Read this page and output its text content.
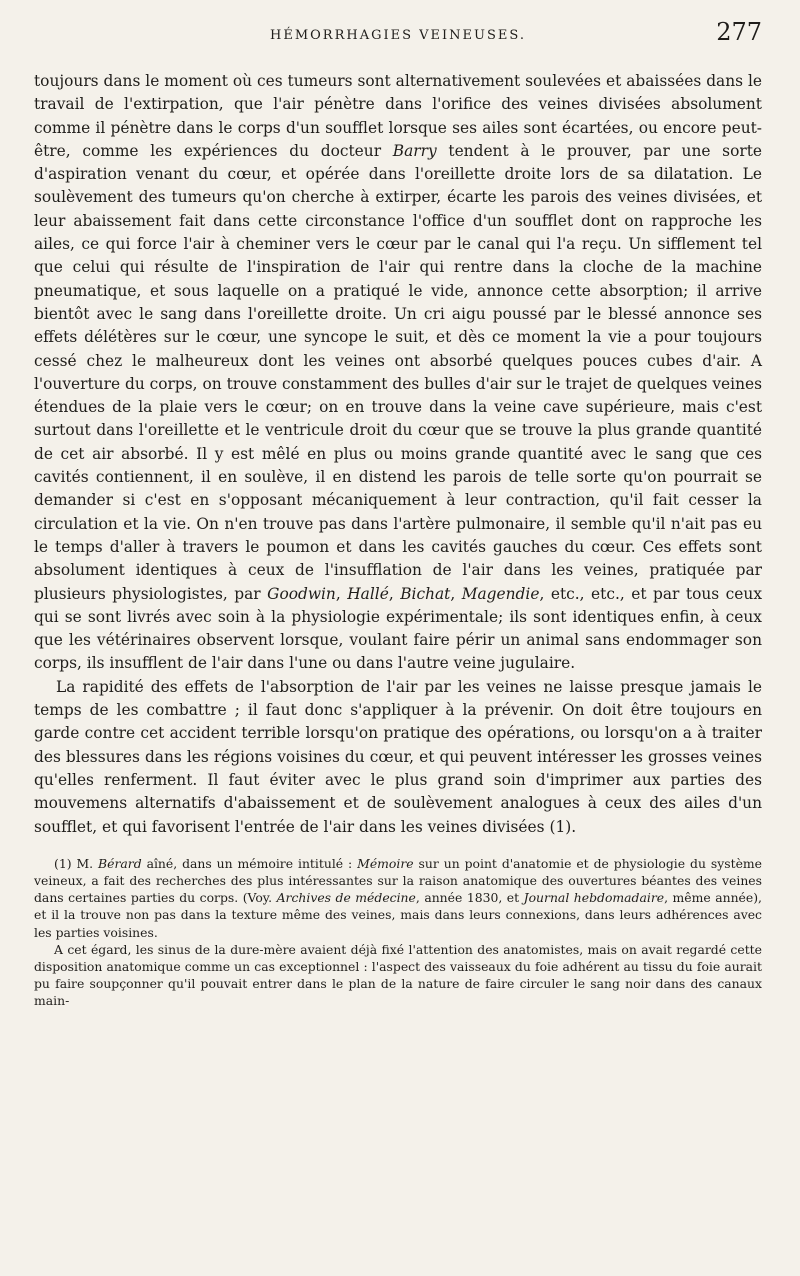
HÉMORRHAGIES VEINEUSES.	277

toujours dans le moment où ces tumeurs sont alternativement soulevées et abaissées dans le travail de l'extirpation, que l'air pénètre dans l'orifice des veines divisées absolument comme il pénètre dans le corps d'un soufflet lorsque ses ailes sont écartées, ou encore peut-être, comme les expériences du docteur Barry tendent à le prouver, par une sorte d'aspiration venant du cœur, et opérée dans l'oreillette droite lors de sa dilatation. Le soulèvement des tumeurs qu'on cherche à extirper, écarte les parois des veines divisées, et leur abaissement fait dans cette circonstance l'office d'un soufflet dont on rapproche les ailes, ce qui force l'air à cheminer vers le cœur par le canal qui l'a reçu. Un sifflement tel que celui qui résulte de l'inspiration de l'air qui rentre dans la cloche de la machine pneumatique, et sous laquelle on a pratiqué le vide, annonce cette absorption; il arrive bientôt avec le sang dans l'oreillette droite. Un cri aigu poussé par le blessé annonce ses effets délétères sur le cœur, une syncope le suit, et dès ce moment la vie a pour toujours cessé chez le malheureux dont les veines ont absorbé quelques pouces cubes d'air. A l'ouverture du corps, on trouve constamment des bulles d'air sur le trajet de quelques veines étendues de la plaie vers le cœur; on en trouve dans la veine cave supérieure, mais c'est surtout dans l'oreillette et le ventricule droit du cœur que se trouve la plus grande quantité de cet air absorbé. Il y est mêlé en plus ou moins grande quantité avec le sang que ces cavités contiennent, il en soulève, il en distend les parois de telle sorte qu'on pourrait se demander si c'est en s'opposant mécaniquement à leur contraction, qu'il fait cesser la circulation et la vie. On n'en trouve pas dans l'artère pulmonaire, il semble qu'il n'ait pas eu le temps d'aller à travers le poumon et dans les cavités gauches du cœur. Ces effets sont absolument identiques à ceux de l'insufflation de l'air dans les veines, pratiquée par plusieurs physiologistes, par Goodwin, Hallé, Bichat, Magendie, etc., etc., et par tous ceux qui se sont livrés avec soin à la physiologie expérimentale; ils sont identiques enfin, à ceux que les vétérinaires observent lorsque, voulant faire périr un animal sans endommager son corps, ils insufflent de l'air dans l'une ou dans l'autre veine jugulaire.

La rapidité des effets de l'absorption de l'air par les veines ne laisse presque jamais le temps de les combattre ; il faut donc s'appliquer à la prévenir. On doit être toujours en garde contre cet accident terrible lorsqu'on pratique des opérations, ou lorsqu'on a à traiter des blessures dans les régions voisines du cœur, et qui peuvent intéresser les grosses veines qu'elles renferment. Il faut éviter avec le plus grand soin d'imprimer aux parties des mouvemens alternatifs d'abaissement et de soulèvement analogues à ceux des ailes d'un soufflet, et qui favorisent l'entrée de l'air dans les veines divisées (1).

(1) M. Bérard aîné, dans un mémoire intitulé : Mémoire sur un point d'anatomie et de physiologie du système veineux, a fait des recherches des plus intéressantes sur la raison anatomique des ouvertures béantes des veines dans certaines parties du corps. (Voy. Archives de médecine, année 1830, et Journal hebdomadaire, même année), et il la trouve non pas dans la texture même des veines, mais dans leurs connexions, dans leurs adhérences avec les parties voisines.

A cet égard, les sinus de la dure-mère avaient déjà fixé l'attention des anatomistes, mais on avait regardé cette disposition anatomique comme un cas exceptionnel : l'aspect des vaisseaux du foie adhérent au tissu du foie aurait pu faire soupçonner qu'il pouvait entrer dans le plan de la nature de faire circuler le sang noir dans des canaux main-
